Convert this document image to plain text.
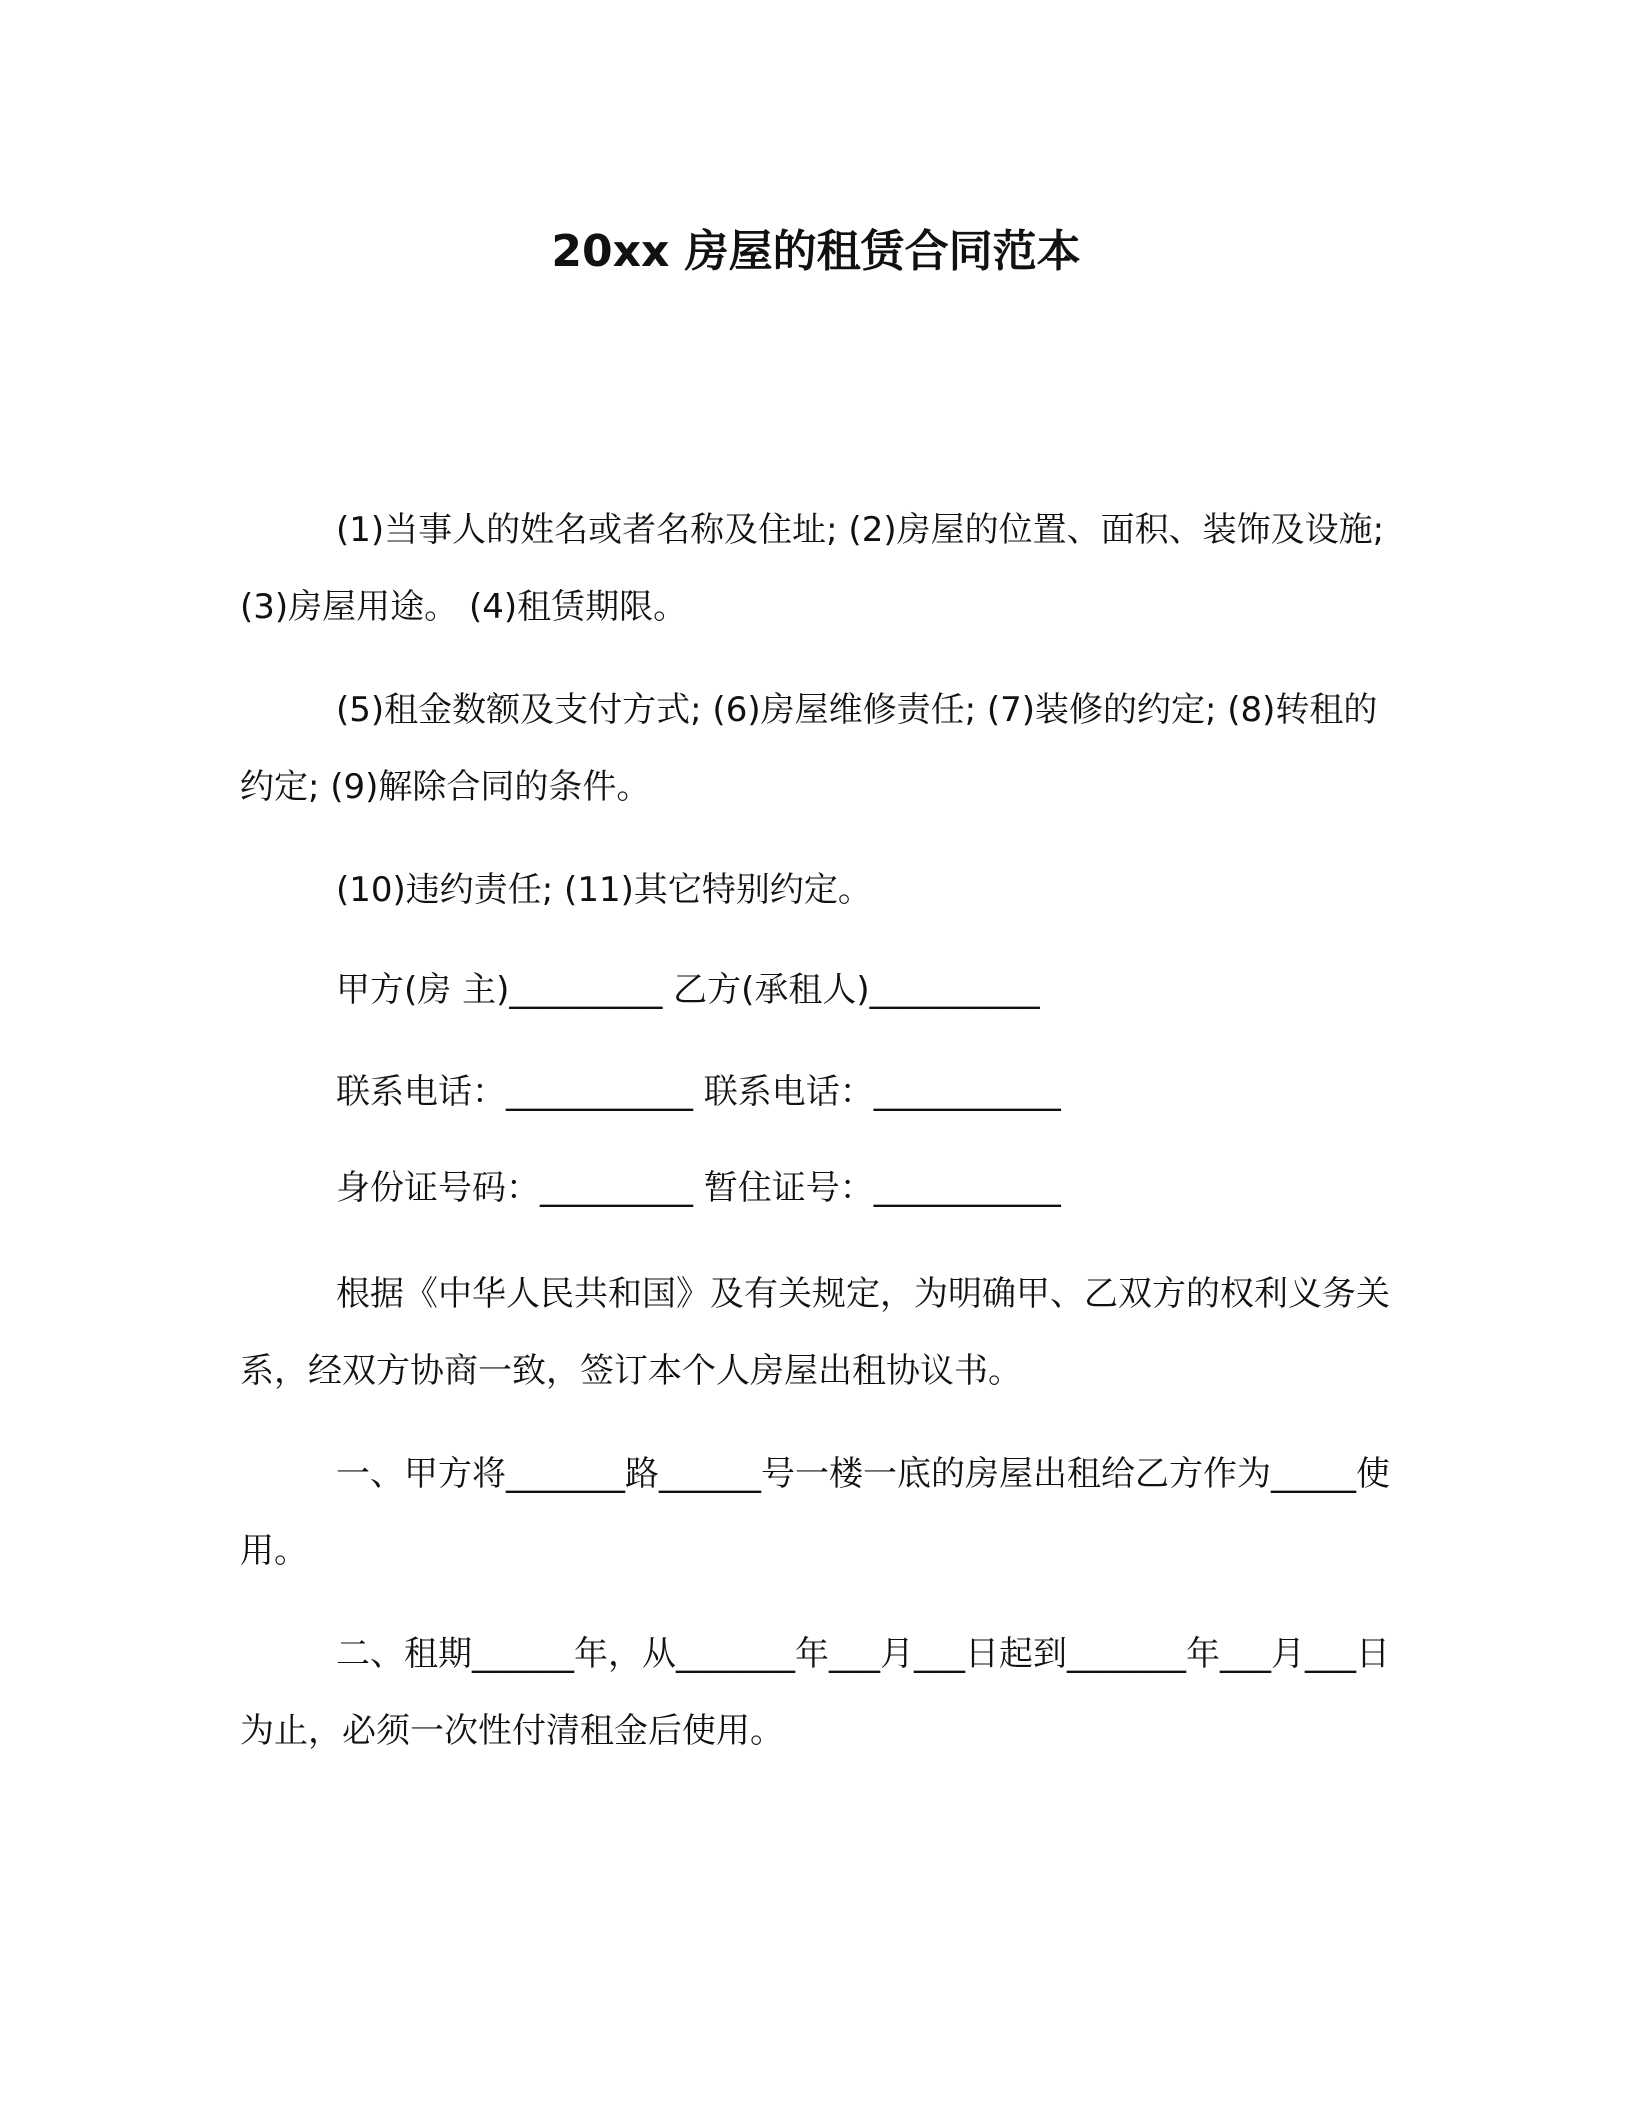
20xx 房屋的租赁合同范本

(1)当事人的姓名或者名称及住址; (2)房屋的位置、面积、装饰及设施; (3)房屋用途。 (4)租赁期限。

(5)租金数额及支付方式; (6)房屋维修责任; (7)装修的约定; (8)转租的约定; (9)解除合同的条件。

(10)违约责任; (11)其它特别约定。

甲方(房 主)_________ 乙方(承租人)__________

联系电话：___________ 联系电话：___________

身份证号码：_________ 暂住证号：___________

根据《中华人民共和国》及有关规定，为明确甲、乙双方的权利义务关系，经双方协商一致，签订本个人房屋出租协议书。

一、甲方将_______路______号一楼一底的房屋出租给乙方作为_____使用。

二、租期______年，从_______年___月___日起到_______年___月___日为止，必须一次性付清租金后使用。
